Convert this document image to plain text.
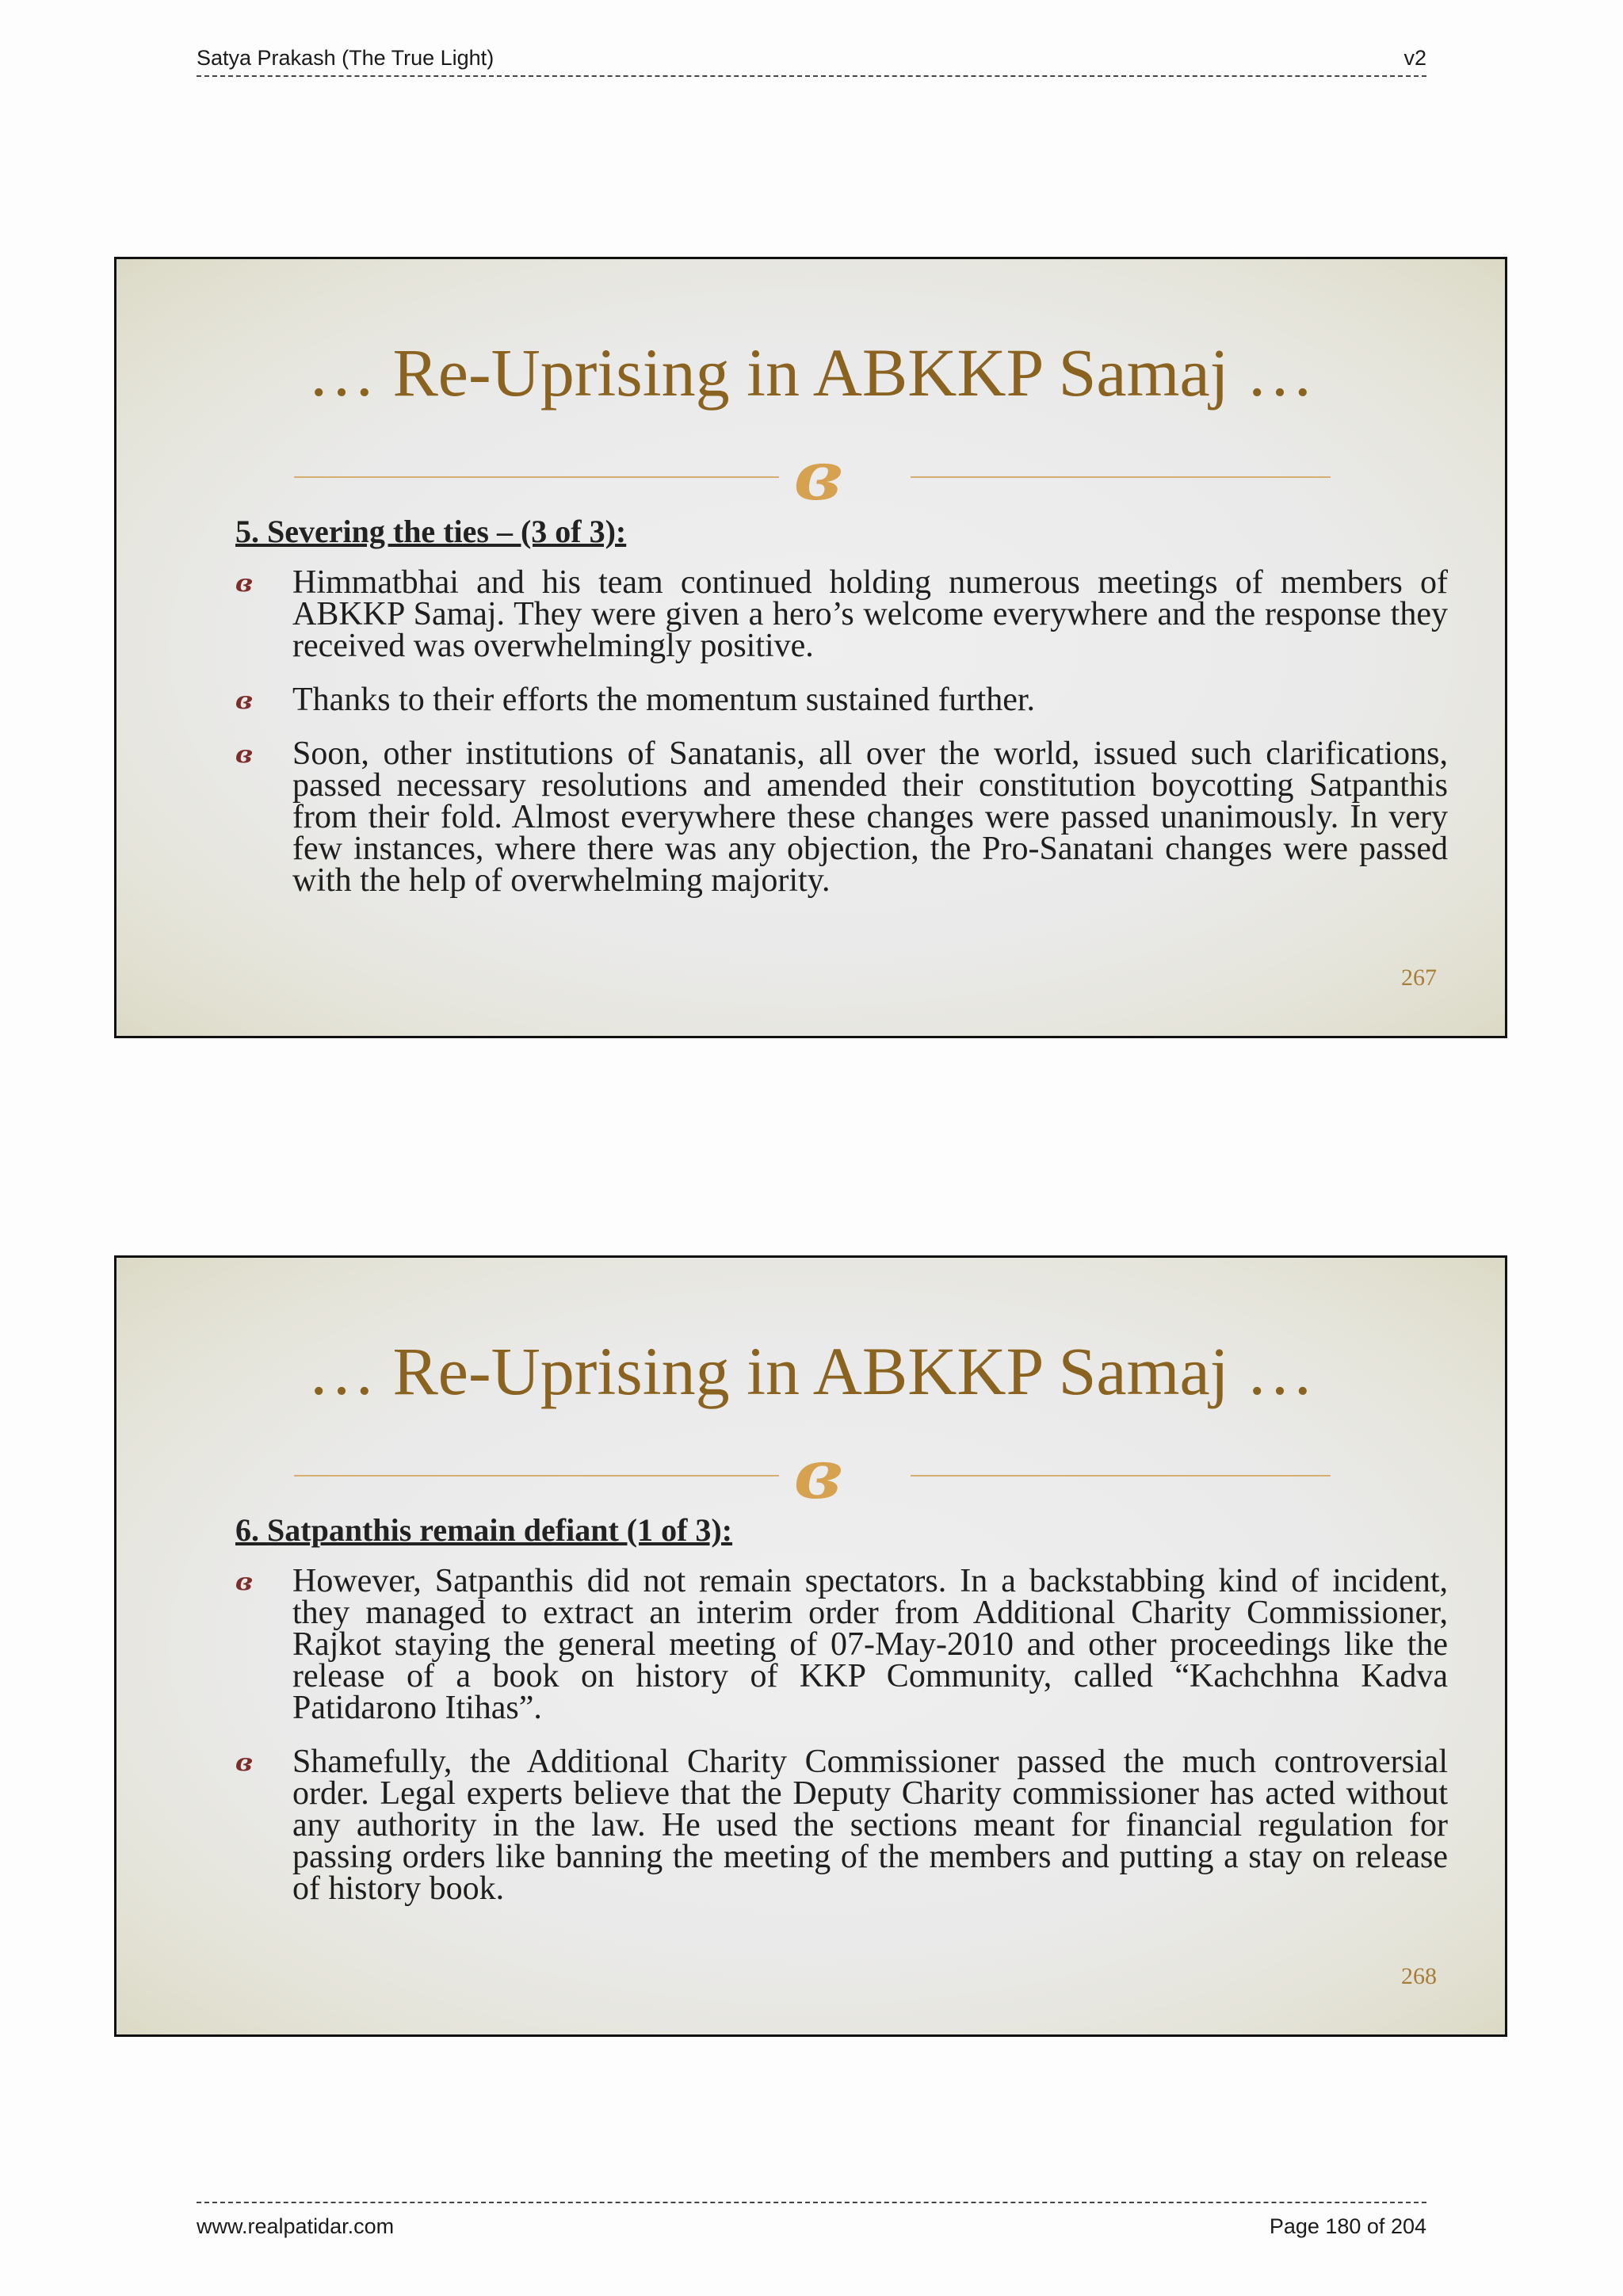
Satya Prakash (The True Light)	v2
… Re-Uprising in ABKKP Samaj …
ɞ
5. Severing the ties – (3 of 3):
ɞ	Himmatbhai and his team continued holding numerous meetings of members of ABKKP Samaj. They were given a hero’s welcome everywhere and the response they received was overwhelmingly positive.
ɞ	Thanks to their efforts the momentum sustained further.
ɞ	Soon, other institutions of Sanatanis, all over the world, issued such clarifications, passed necessary resolutions and amended their constitution boycotting Satpanthis from their fold. Almost everywhere these changes were passed unanimously. In very few instances, where there was any objection, the Pro-Sanatani changes were passed with the help of overwhelming majority.
267
… Re-Uprising in ABKKP Samaj …
ɞ
6. Satpanthis remain defiant (1 of 3):
ɞ	However, Satpanthis did not remain spectators. In a backstabbing kind of incident, they managed to extract an interim order from Additional Charity Commissioner, Rajkot staying the general meeting of 07-May-2010 and other proceedings like the release of a book on history of KKP Community, called “Kachchhna Kadva Patidarono Itihas”.
ɞ	Shamefully, the Additional Charity Commissioner passed the much controversial order. Legal experts believe that the Deputy Charity commissioner has acted without any authority in the law. He used the sections meant for financial regulation for passing orders like banning the meeting of the members and putting a stay on release of history book.
268
www.realpatidar.com	Page 180 of 204
